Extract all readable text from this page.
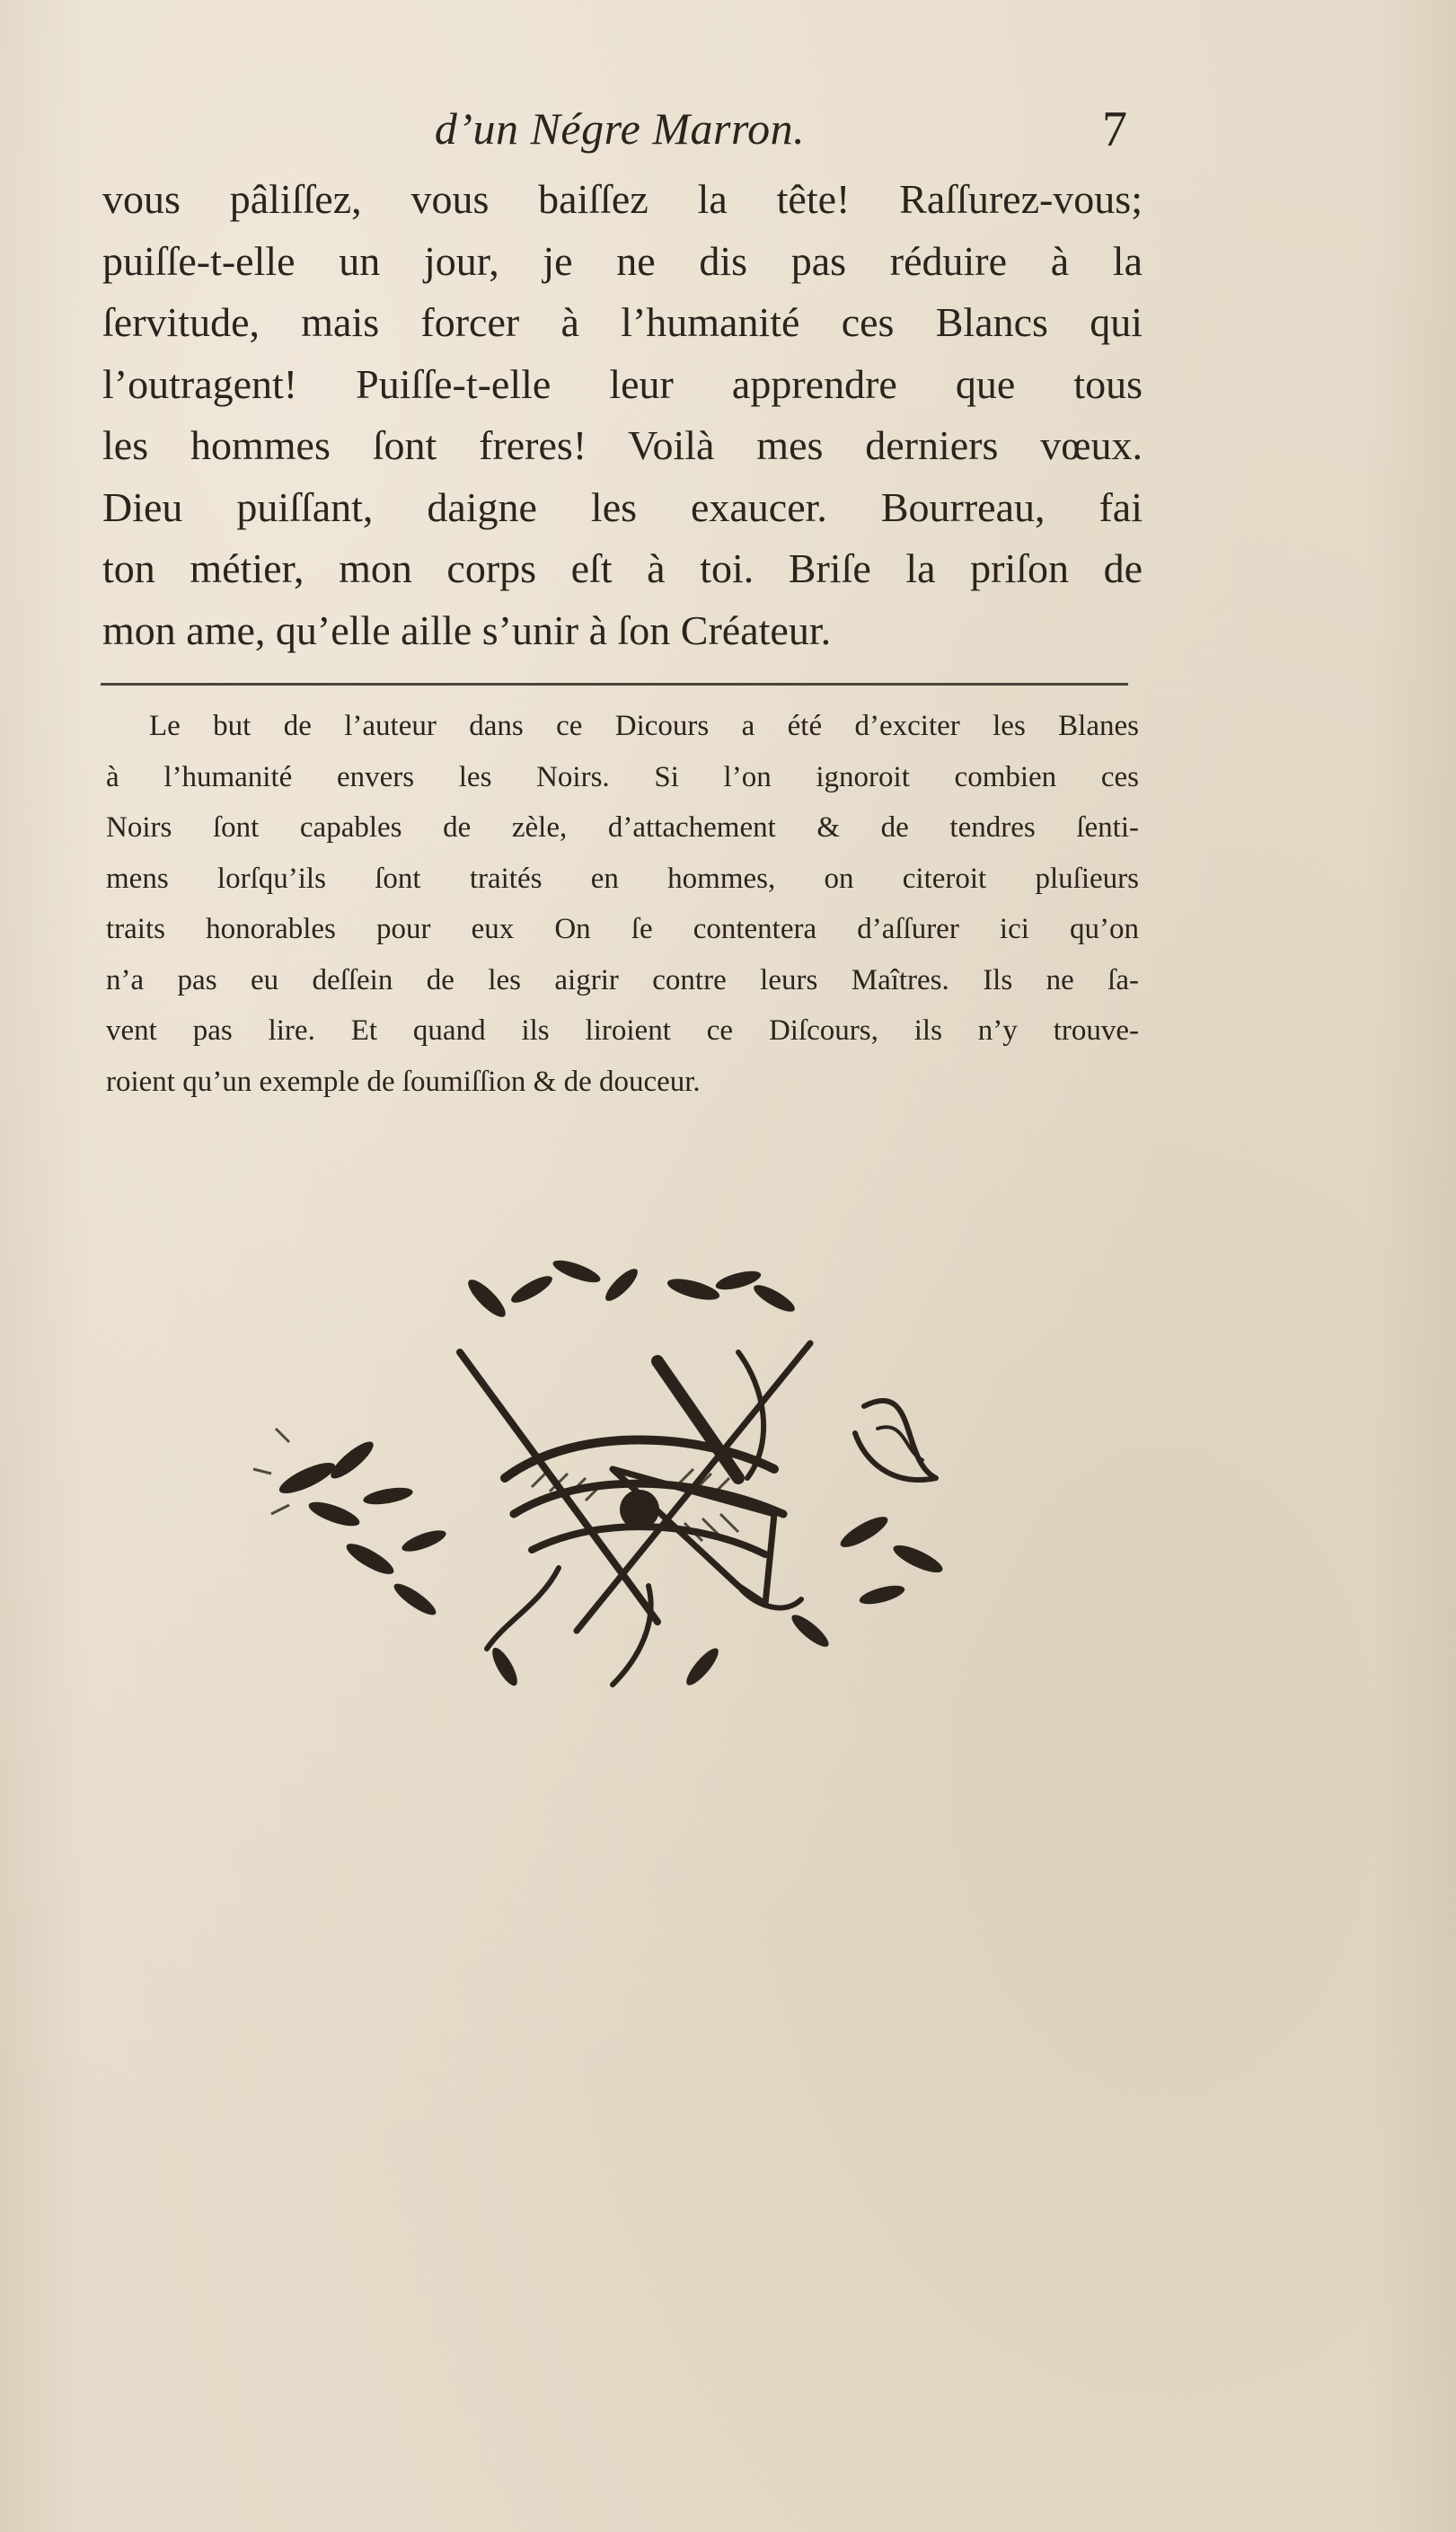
d’un Négre Marron.	7
vous pâliſſez, vous baiſſez la tête! Raſſurez-vous;
puiſſe-t-elle un jour, je ne dis pas réduire à la
ſervitude, mais forcer à l’humanité ces Blancs qui
l’outragent! Puiſſe-t-elle leur apprendre que tous
les hommes ſont freres! Voilà mes derniers vœux.
Dieu puiſſant, daigne les exaucer. Bourreau, fai
ton métier, mon corps eſt à toi. Briſe la priſon de
mon ame, qu’elle aille s’unir à ſon Créateur.
Le but de l’auteur dans ce Dicours a été d’exciter les Blanes
à l’humanité envers les Noirs. Si l’on ignoroit combien ces
Noirs ſont capables de zèle, d’attachement & de tendres ſenti-
mens lorſqu’ils ſont traités en hommes, on citeroit pluſieurs
traits honorables pour eux On ſe contentera d’aſſurer ici qu’on
n’a pas eu deſſein de les aigrir contre leurs Maîtres. Ils ne ſa-
vent pas lire. Et quand ils liroient ce Diſcours, ils n’y trouve-
roient qu’un exemple de ſoumiſſion & de douceur.
